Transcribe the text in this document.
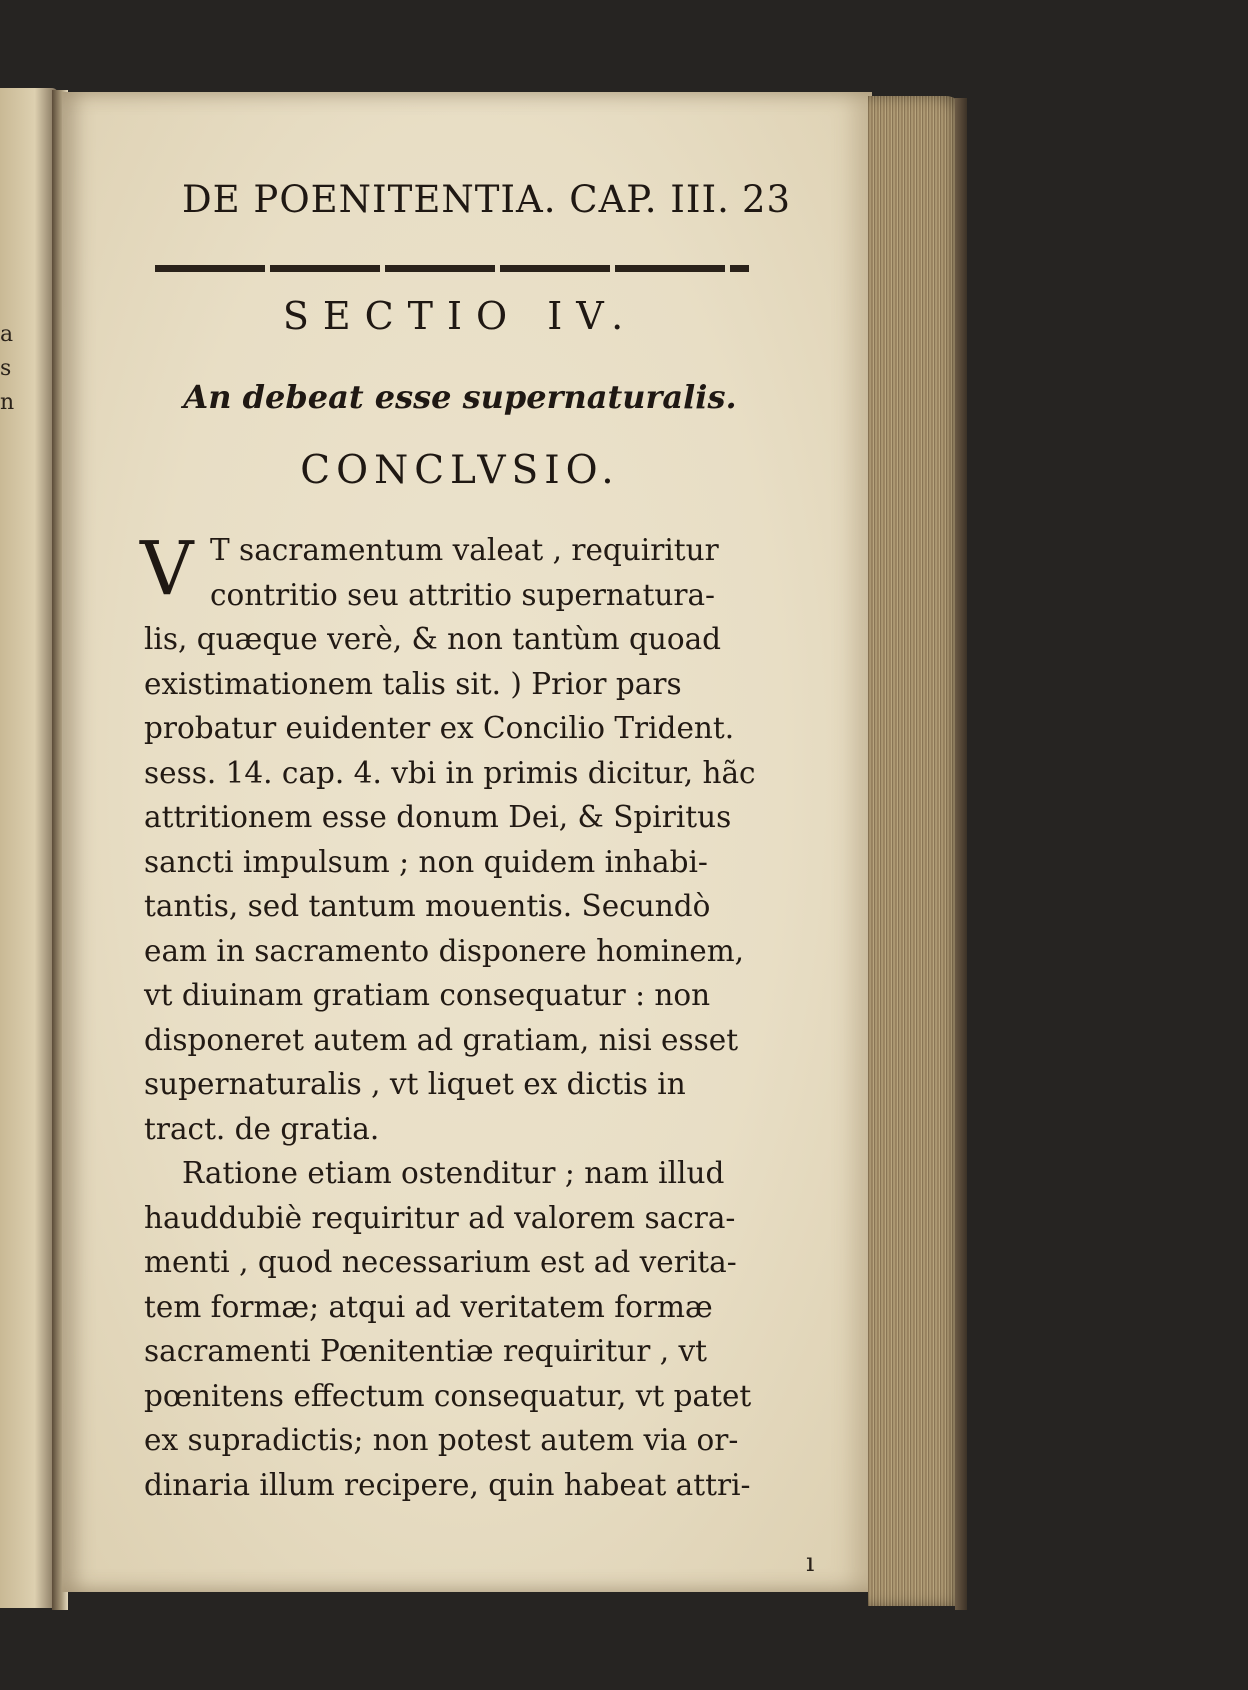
a
s
n
DE POENITENTIA. CAP. III. 23
SECTIO IV.
An debeat esse supernaturalis.
CONCLVSIO.
V T sacramentum valeat , requiritur
contritio seu attritio supernatura-
lis, quæque verè, & non tantùm quoad
existimationem talis sit. ) Prior pars
probatur euidenter ex Concilio Trident.
sess. 14. cap. 4. vbi in primis dicitur, hãc
attritionem esse donum Dei, & Spiritus
sancti impulsum ; non quidem inhabi-
tantis, sed tantum mouentis. Secundò
eam in sacramento disponere hominem,
vt diuinam gratiam consequatur : non
disponeret autem ad gratiam, nisi esset
supernaturalis , vt liquet ex dictis in
tract. de gratia.
Ratione etiam ostenditur ; nam illud
hauddubiè requiritur ad valorem sacra-
menti , quod necessarium est ad verita-
tem formæ; atqui ad veritatem formæ
sacramenti Pœnitentiæ requiritur , vt
pœnitens effectum consequatur, vt patet
ex supradictis; non potest autem via or-
dinaria illum recipere, quin habeat attri-
ı
